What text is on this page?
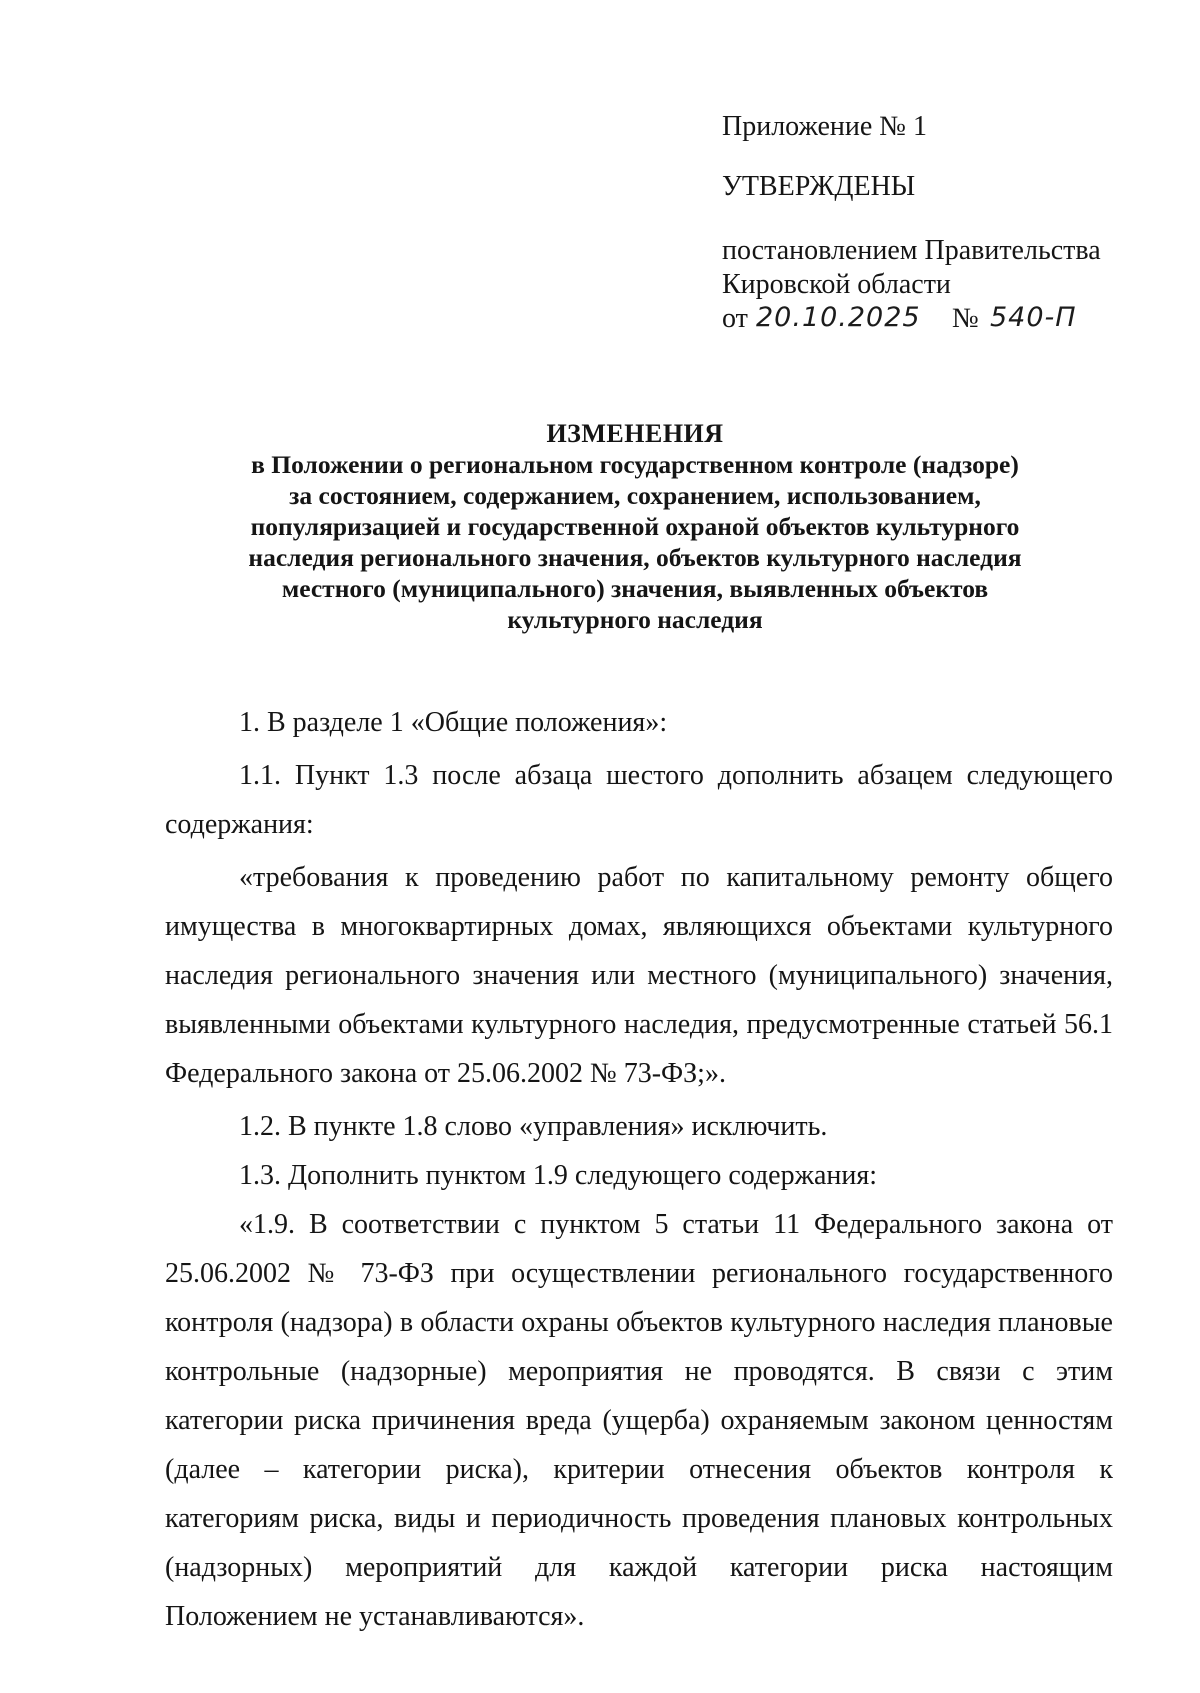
Приложение № 1
УТВЕРЖДЕНЫ
постановлением Правительства
Кировской области
от 20.10.2025 № 540-П
ИЗМЕНЕНИЯ
в Положении о региональном государственном контроле (надзоре)
за состоянием, содержанием, сохранением, использованием,
популяризацией и государственной охраной объектов культурного
наследия регионального значения, объектов культурного наследия
местного (муниципального) значения, выявленных объектов
культурного наследия

1. В разделе 1 «Общие положения»:

1.1. Пункт 1.3 после абзаца шестого дополнить абзацем следующего содержания:

«требования к проведению работ по капитальному ремонту общего имущества в многоквартирных домах, являющихся объектами культурного наследия регионального значения или местного (муниципального) значения, выявленными объектами культурного наследия, предусмотренные статьей 56.1 Федерального закона от 25.06.2002 № 73-ФЗ;».

1.2. В пункте 1.8 слово «управления» исключить.

1.3. Дополнить пунктом 1.9 следующего содержания:

«1.9. В соответствии с пунктом 5 статьи 11 Федерального закона от 25.06.2002 № 73-ФЗ при осуществлении регионального государственного контроля (надзора) в области охраны объектов культурного наследия плановые контрольные (надзорные) мероприятия не проводятся. В связи с этим категории риска причинения вреда (ущерба) охраняемым законом ценностям (далее – категории риска), критерии отнесения объектов контроля к категориям риска, виды и периодичность проведения плановых контрольных (надзорных) мероприятий для каждой категории риска настоящим Положением не устанавливаются».
